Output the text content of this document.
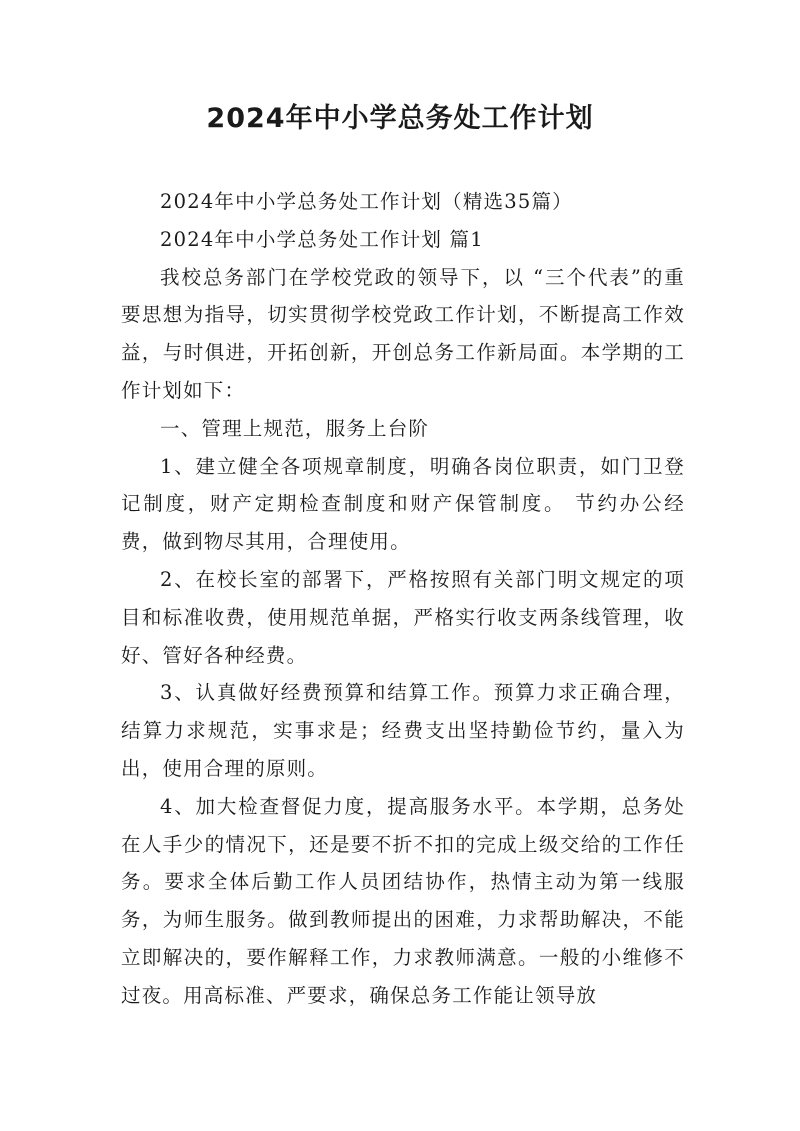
2024年中小学总务处工作计划

2024年中小学总务处工作计划（精选35篇）

2024年中小学总务处工作计划 篇1

我校总务部门在学校党政的领导下，以 “三个代表”的重要思想为指导，切实贯彻学校党政工作计划，不断提高工作效益，与时俱进，开拓创新，开创总务工作新局面。本学期的工作计划如下：

一、管理上规范，服务上台阶

1、建立健全各项规章制度，明确各岗位职责，如门卫登记制度，财产定期检查制度和财产保管制度。 节约办公经费，做到物尽其用，合理使用。

2、在校长室的部署下，严格按照有关部门明文规定的项目和标准收费，使用规范单据，严格实行收支两条线管理，收好、管好各种经费。

3、认真做好经费预算和结算工作。预算力求正确合理，结算力求规范，实事求是；经费支出坚持勤俭节约，量入为出，使用合理的原则。

4、加大检查督促力度，提高服务水平。本学期，总务处在人手少的情况下，还是要不折不扣的完成上级交给的工作任务。要求全体后勤工作人员团结协作，热情主动为第一线服务，为师生服务。做到教师提出的困难，力求帮助解决，不能立即解决的，要作解释工作，力求教师满意。一般的小维修不过夜。用高标准、严要求，确保总务工作能让领导放
